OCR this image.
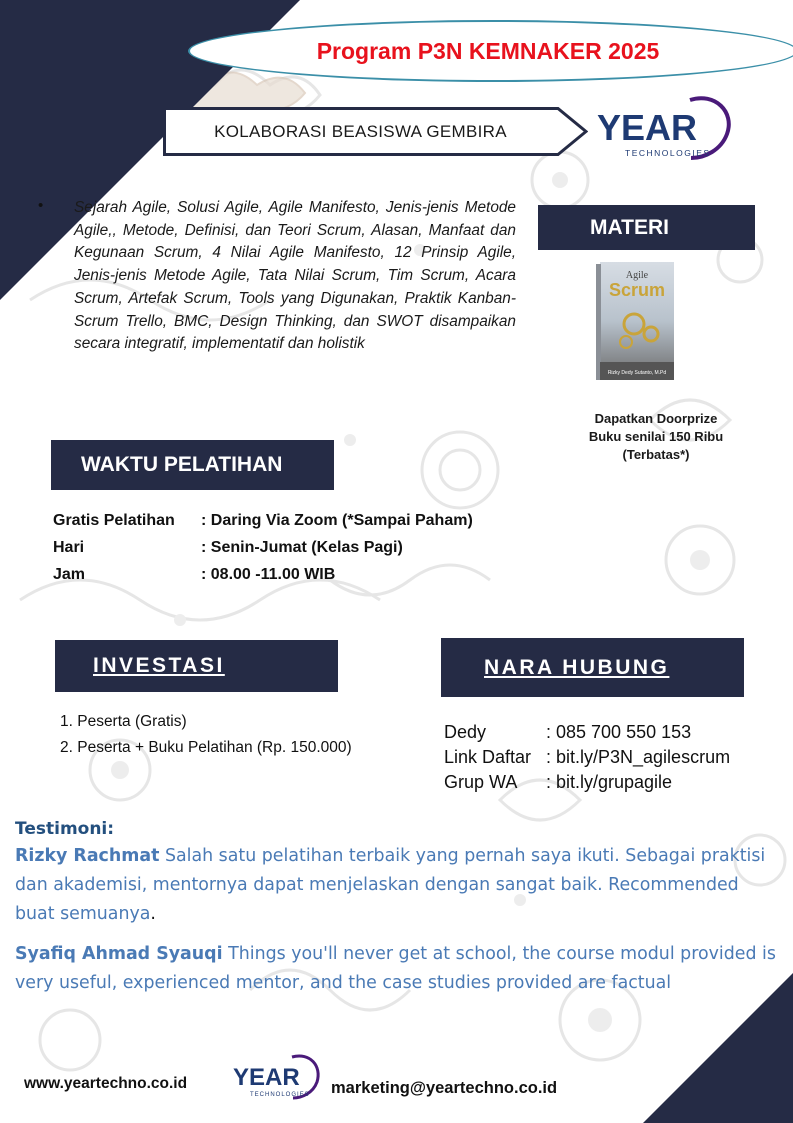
Program P3N KEMNAKER 2025
KOLABORASI BEASISWA GEMBIRA	YEAR
TECHNOLOGIES
• Sejarah Agile, Solusi Agile, Agile Manifesto, Jenis-jenis Metode Agile,, Metode, Definisi, dan Teori Scrum, Alasan, Manfaat dan Kegunaan Scrum, 4 Nilai Agile Manifesto, 12 Prinsip Agile, Jenis-jenis Metode Agile, Tata Nilai Scrum, Tim Scrum, Acara Scrum, Artefak Scrum, Tools yang Digunakan, Praktik Kanban-Scrum Trello, BMC, Design Thinking, dan SWOT disampaikan secara integratif, implementatif dan holistik

MATERI
Agile
Scrum
Rizky Dedy Sutanto, M.Pd
Dapatkan Doorprize
Buku senilai 150 Ribu
(Terbatas*)
WAKTU PELATIHAN
Gratis Pelatihan	: Daring Via Zoom (*Sampai Paham)
Hari	: Senin-Jumat (Kelas Pagi)
Jam	: 08.00 -11.00 WIB
INVESTASI
1. Peserta (Gratis)
2. Peserta + Buku Pelatihan (Rp. 150.000)
NARA HUBUNG
Dedy	: 085 700 550 153
Link Daftar : bit.ly/P3N_agilescrum
Grup WA	: bit.ly/grupagile
Testimoni:

Rizky Rachmat Salah satu pelatihan terbaik yang pernah saya ikuti. Sebagai praktisi dan akademisi, mentornya dapat menjelaskan dengan sangat baik. Recommended buat semuanya.

Syafiq Ahmad Syauqi Things you'll never get at school, the course modul provided is very useful, experienced mentor, and the case studies provided are factual

www.yeartechno.co.id YEAR
TECHNOLOGIES marketing@yeartechno.co.id
